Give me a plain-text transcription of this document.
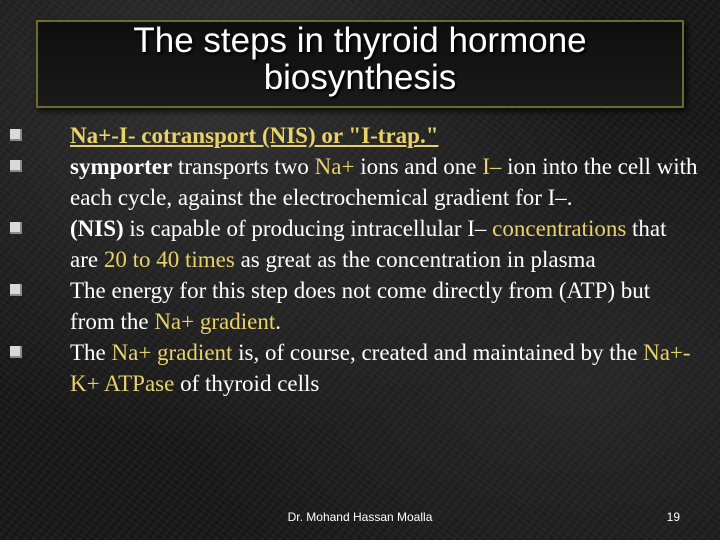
The steps in thyroid hormone biosynthesis
Na+-I- cotransport (NIS) or "I-trap."
symporter transports two Na+ ions and one I– ion into the cell with each cycle, against the electrochemical gradient for I–.
(NIS) is capable of producing intracellular I– concentrations that are 20 to 40 times as great as the concentration in plasma
The energy for this step does not come directly from (ATP) but from the Na+ gradient.
The Na+ gradient is, of course, created and maintained by the Na+-K+ ATPase of thyroid cells
Dr. Mohand Hassan Moalla	19
